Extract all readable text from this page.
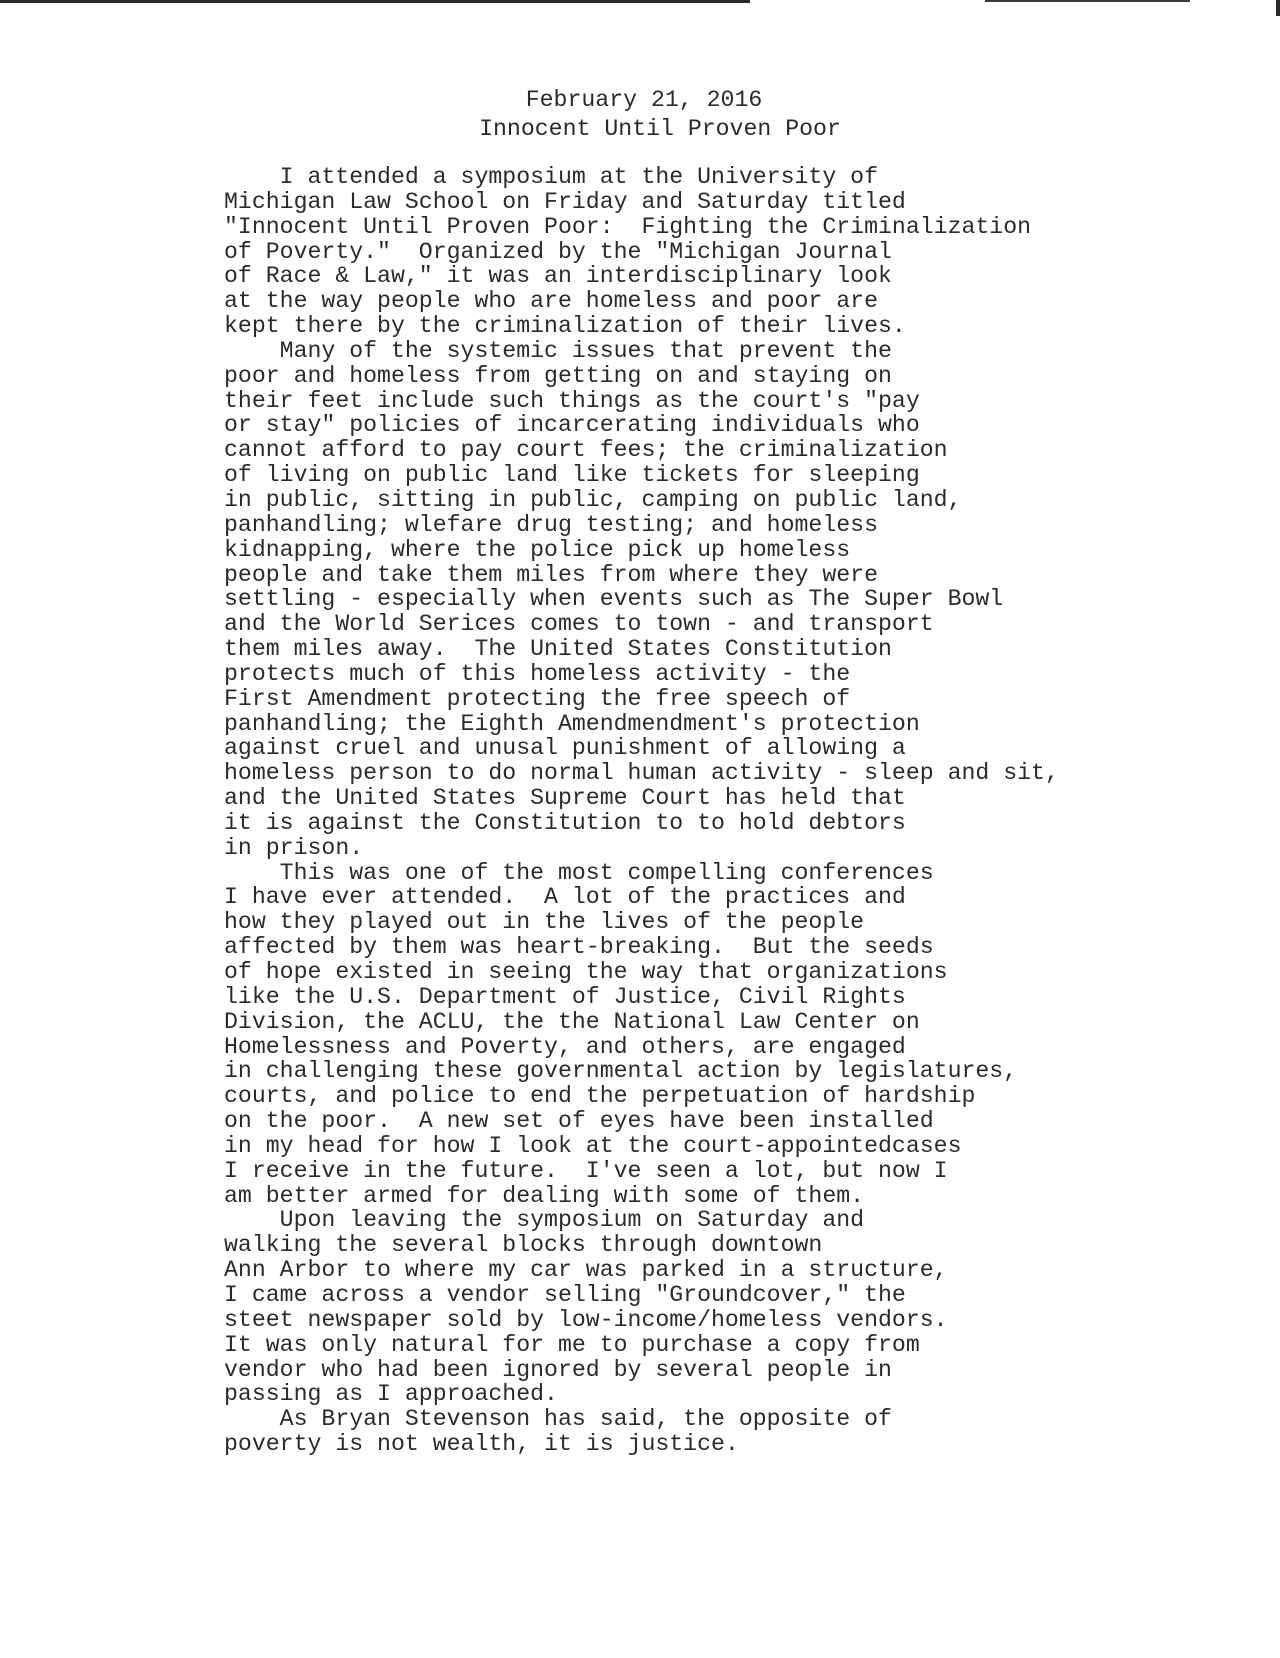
February 21, 2016
Innocent Until Proven Poor
I attended a symposium at the University of
Michigan Law School on Friday and Saturday titled
"Innocent Until Proven Poor:  Fighting the Criminalization
of Poverty."  Organized by the "Michigan Journal
of Race & Law," it was an interdisciplinary look
at the way people who are homeless and poor are
kept there by the criminalization of their lives.
Many of the systemic issues that prevent the
poor and homeless from getting on and staying on
their feet include such things as the court's "pay
or stay" policies of incarcerating individuals who
cannot afford to pay court fees; the criminalization
of living on public land like tickets for sleeping
in public, sitting in public, camping on public land,
panhandling; wlefare drug testing; and homeless
kidnapping, where the police pick up homeless
people and take them miles from where they were
settling - especially when events such as The Super Bowl
and the World Serices comes to town - and transport
them miles away.  The United States Constitution
protects much of this homeless activity - the
First Amendment protecting the free speech of
panhandling; the Eighth Amendmendment's protection
against cruel and unusal punishment of allowing a
homeless person to do normal human activity - sleep and sit,
and the United States Supreme Court has held that
it is against the Constitution to to hold debtors
in prison.
This was one of the most compelling conferences
I have ever attended.  A lot of the practices and
how they played out in the lives of the people
affected by them was heart-breaking.  But the seeds
of hope existed in seeing the way that organizations
like the U.S. Department of Justice, Civil Rights
Division, the ACLU, the the National Law Center on
Homelessness and Poverty, and others, are engaged
in challenging these governmental action by legislatures,
courts, and police to end the perpetuation of hardship
on the poor.  A new set of eyes have been installed
in my head for how I look at the court-appointedcases
I receive in the future.  I've seen a lot, but now I
am better armed for dealing with some of them.
Upon leaving the symposium on Saturday and
walking the several blocks through downtown
Ann Arbor to where my car was parked in a structure,
I came across a vendor selling "Groundcover," the
steet newspaper sold by low-income/homeless vendors.
It was only natural for me to purchase a copy from
vendor who had been ignored by several people in
passing as I approached.
As Bryan Stevenson has said, the opposite of
poverty is not wealth, it is justice.
